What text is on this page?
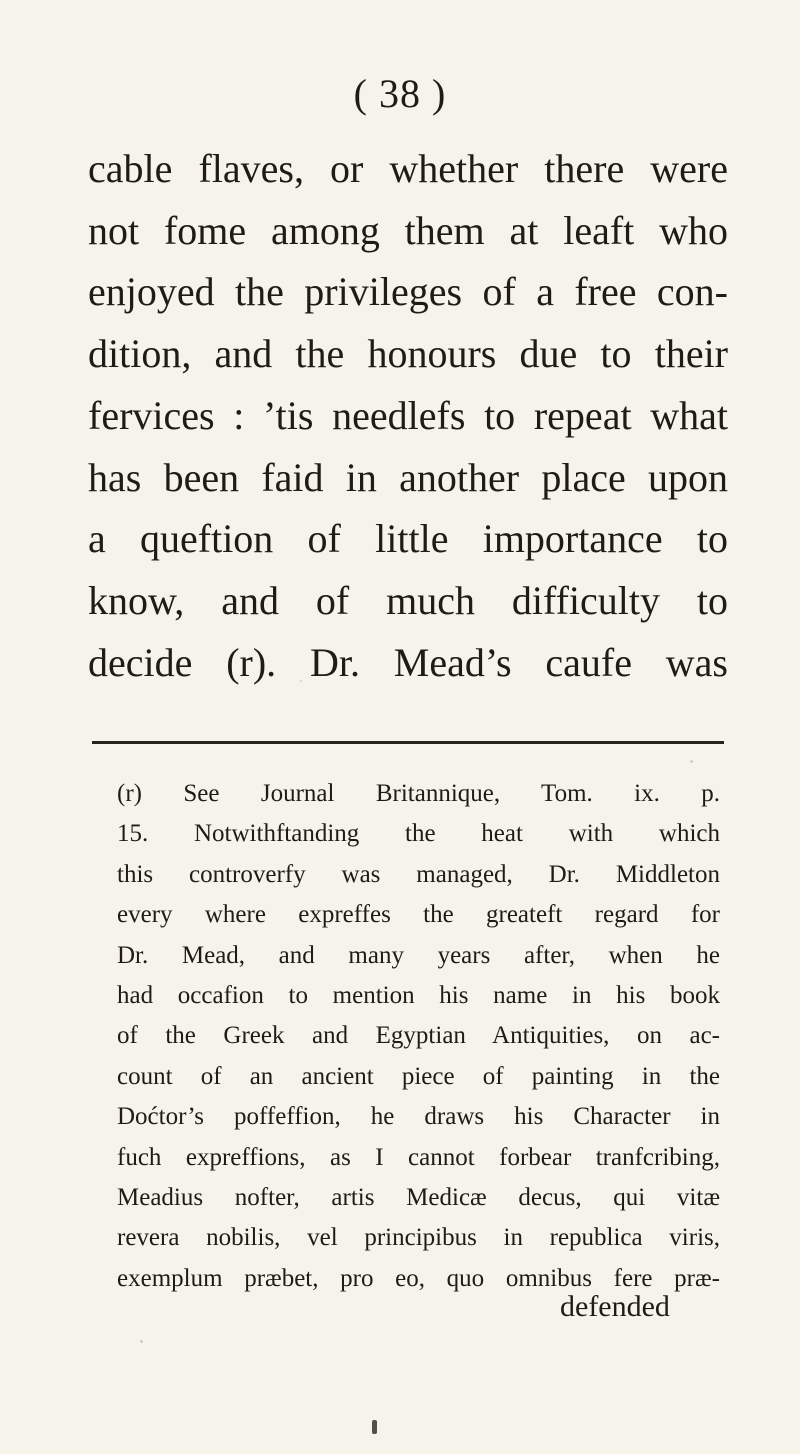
( 38 )
cable flaves, or whether there were
not fome among them at leaft who
enjoyed the privileges of a free con-
dition, and the honours due to their
fervices : ’tis needlefs to repeat what
has been faid in another place upon
a queftion of little importance to
know, and of much difficulty to
decide (r). Dr. Mead’s caufe was
(r) See Journal Britannique, Tom. ix. p.
15. Notwithftanding the heat with which
this controverfy was managed, Dr. Middleton
every where expreffes the greateft regard for
Dr. Mead, and many years after, when he
had occafion to mention his name in his book
of the Greek and Egyptian Antiquities, on ac-
count of an ancient piece of painting in the
Doćtor’s poffeffion, he draws his Character in
fuch expreffions, as I cannot forbear tranfcribing,
Meadius nofter, artis Medicæ decus, qui vitæ
revera nobilis, vel principibus in republica viris,
exemplum præbet, pro eo, quo omnibus fere præ-
defended
